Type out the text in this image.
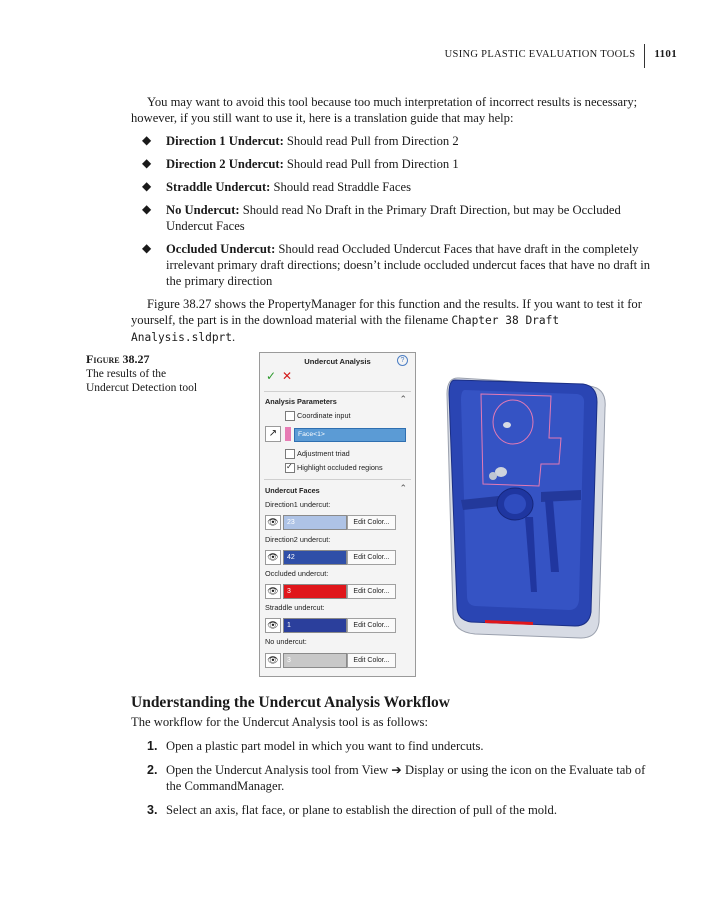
USING PLASTIC EVALUATION TOOLS	1101

You may want to avoid this tool because too much interpretation of incorrect results is necessary; however, if you still want to use it, here is a translation guide that may help:

◆ Direction 1 Undercut: Should read Pull from Direction 2
◆ Direction 2 Undercut: Should read Pull from Direction 1
◆ Straddle Undercut: Should read Straddle Faces
◆ No Undercut: Should read No Draft in the Primary Draft Direction, but may be Occluded Undercut Faces
◆ Occluded Undercut: Should read Occluded Undercut Faces that have draft in the completely irrelevant primary draft directions; doesn’t include occluded undercut faces that have no draft in the primary direction

Figure 38.27 shows the PropertyManager for this function and the results. If you want to test it for yourself, the part is in the download material with the filename Chapter 38 Draft Analysis.sldprt.

Figure 38.27
The results of the Undercut Detection tool
Undercut Analysis	?
✓ ✕
Analysis Parameters	⌃
Coordinate input
↗	Face<1>
Adjustment triad
✓
Highlight occluded regions
Undercut Faces	⌃
Direction1 undercut:
👁	23	Edit Color...
Direction2 undercut:
👁	42	Edit Color...
Occluded undercut:
👁	3	Edit Color...
Straddle undercut:
👁	1	Edit Color...
No undercut:
👁	3	Edit Color...
Understanding the Undercut Analysis Workflow

The workflow for the Undercut Analysis tool is as follows:

1. Open a plastic part model in which you want to find undercuts.
2. Open the Undercut Analysis tool from View ➔ Display or using the icon on the Evaluate tab of the CommandManager.
3. Select an axis, flat face, or plane to establish the direction of pull of the mold.
